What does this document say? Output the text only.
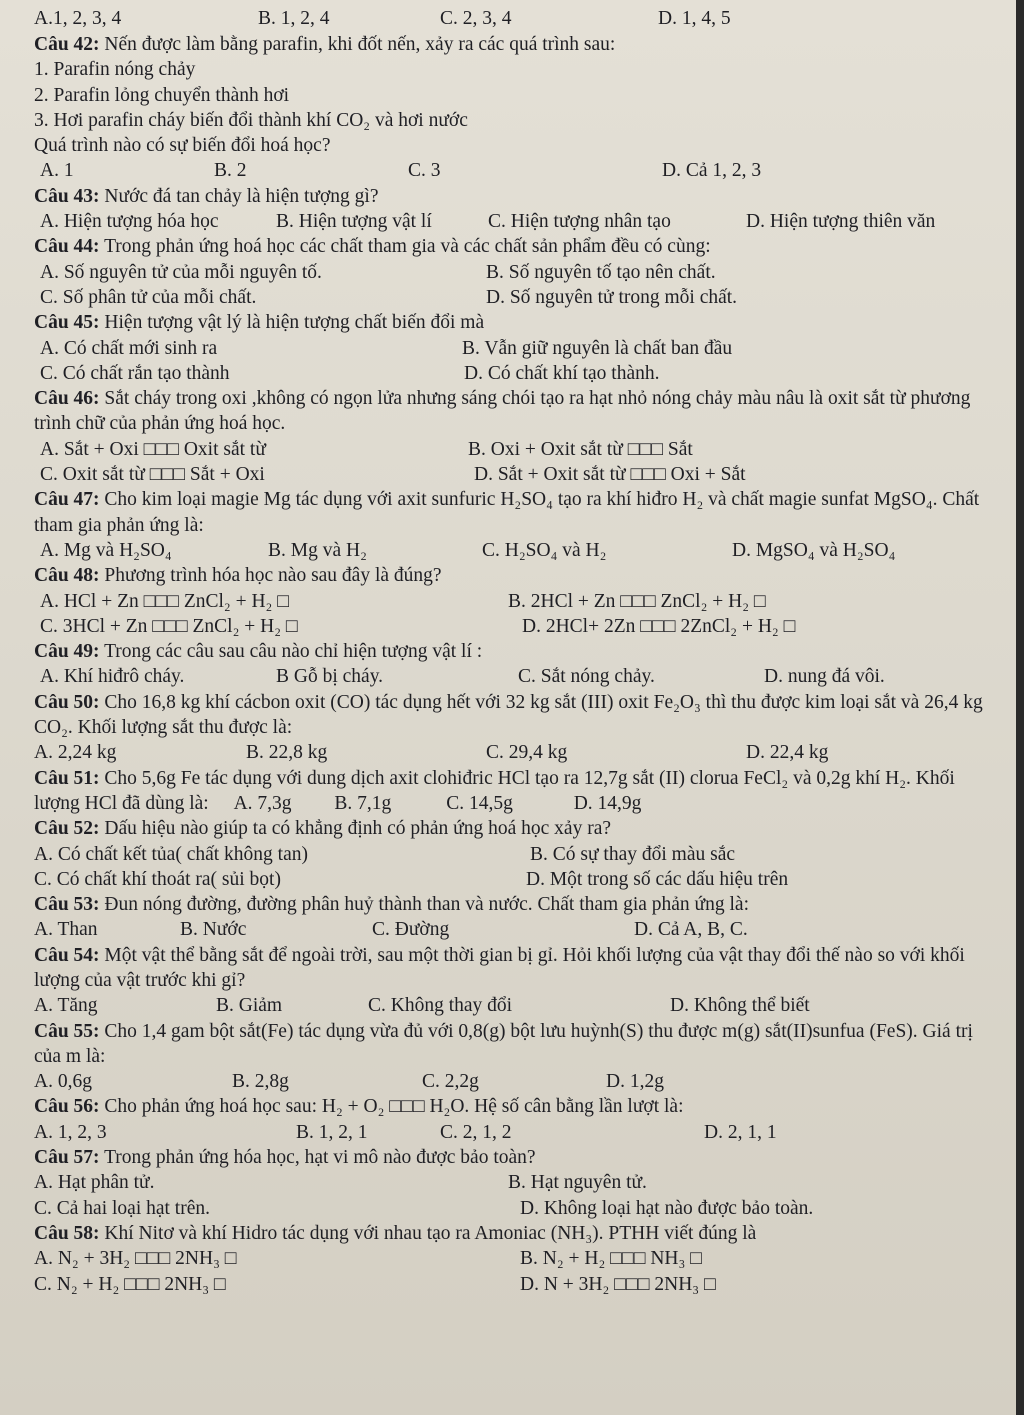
A.1, 2, 3, 4	B. 1, 2, 4	C. 2, 3, 4	D. 1, 4, 5
Câu 42: Nến được làm bằng parafin, khi đốt nến, xảy ra các quá trình sau:
1. Parafin nóng chảy
2. Parafin lỏng chuyển thành hơi
3. Hơi parafin cháy biến đổi thành khí CO₂ và hơi nước
Quá trình nào có sự biến đổi hoá học?
A. 1	B. 2	C. 3	D. Cả 1, 2, 3
Câu 43: Nước đá tan chảy là hiện tượng gì?
A. Hiện tượng hóa học	B. Hiện tượng vật lí	C. Hiện tượng nhân tạo	D. Hiện tượng thiên văn
Câu 44: Trong phản ứng hoá học các chất tham gia và các chất sản phẩm đều có cùng:
A. Số nguyên tử của mỗi nguyên tố.	B. Số nguyên tố tạo nên chất.
C. Số phân tử của mỗi chất.	D. Số nguyên tử trong mỗi chất.
Câu 45: Hiện tượng vật lý là hiện tượng chất biến đổi mà
A. Có chất mới sinh ra	B. Vẫn giữ nguyên là chất ban đầu
C. Có chất rắn tạo thành	D. Có chất khí tạo thành.
Câu 46: Sắt cháy trong oxi ,không có ngọn lửa nhưng sáng chói tạo ra hạt nhỏ nóng chảy màu nâu là oxit sắt từ phương trình chữ của phản ứng hoá học.
A. Sắt + Oxi □□□ Oxit sắt từ	B. Oxi + Oxit sắt từ □□□ Sắt
C. Oxit sắt từ □□□ Sắt + Oxi	D. Sắt + Oxit sắt từ □□□ Oxi + Sắt
Câu 47: Cho kim loại magie Mg tác dụng với axit sunfuric H₂SO₄ tạo ra khí hiđro H₂ và chất magie sunfat MgSO₄. Chất tham gia phản ứng là:
A. Mg và H₂SO₄	B. Mg và H₂	C. H₂SO₄ và H₂	D. MgSO₄ và H₂SO₄
Câu 48: Phương trình hóa học nào sau đây là đúng?
A. HCl + Zn □□□ ZnCl₂ + H₂ □	B. 2HCl + Zn □□□ ZnCl₂ + H₂ □
C. 3HCl + Zn □□□ ZnCl₂ + H₂ □	D. 2HCl+ 2Zn □□□ 2ZnCl₂ + H₂ □
Câu 49: Trong các câu sau câu nào chỉ hiện tượng vật lí :
A. Khí hiđrô cháy.	B Gỗ bị cháy.	C. Sắt nóng chảy.	D. nung đá vôi.
Câu 50: Cho 16,8 kg khí cácbon oxit (CO) tác dụng hết với 32 kg sắt (III) oxit Fe₂O₃ thì thu được kim loại sắt và 26,4 kg CO₂. Khối lượng sắt thu được là:
A. 2,24 kg	B. 22,8 kg	C. 29,4 kg	D. 22,4 kg
Câu 51: Cho 5,6g Fe tác dụng với dung dịch axit clohiđric HCl tạo ra 12,7g sắt (II) clorua FeCl₂ và 0,2g khí H₂. Khối lượng HCl đã dùng là: A. 7,3g B. 7,1g	C. 14,5g	D. 14,9g
Câu 52: Dấu hiệu nào giúp ta có khẳng định có phản ứng hoá học xảy ra?
A. Có chất kết tủa( chất không tan)	B. Có sự thay đổi màu sắc
C. Có chất khí thoát ra( sủi bọt)	D. Một trong số các dấu hiệu trên
Câu 53: Đun nóng đường, đường phân huỷ thành than và nước. Chất tham gia phản ứng là:
A. Than	B. Nước	C. Đường	D. Cả A, B, C.
Câu 54: Một vật thể bằng sắt để ngoài trời, sau một thời gian bị gỉ. Hỏi khối lượng của vật thay đổi thế nào so với khối lượng của vật trước khi gỉ?
A. Tăng	B. Giảm	C. Không thay đổi	D. Không thể biết
Câu 55: Cho 1,4 gam bột sắt(Fe) tác dụng vừa đủ với 0,8(g) bột lưu huỳnh(S) thu được m(g) sắt(II)sunfua (FeS). Giá trị của m là:
A. 0,6g	B. 2,8g	C. 2,2g	D. 1,2g
Câu 56: Cho phản ứng hoá học sau: H₂ + O₂ □□□ H₂O. Hệ số cân bằng lần lượt là:
A. 1, 2, 3	B. 1, 2, 1	C. 2, 1, 2	D. 2, 1, 1
Câu 57: Trong phản ứng hóa học, hạt vi mô nào được bảo toàn?
A. Hạt phân tử.	B. Hạt nguyên tử.
C. Cả hai loại hạt trên.	D. Không loại hạt nào được bảo toàn.
Câu 58: Khí Nitơ và khí Hidro tác dụng với nhau tạo ra Amoniac (NH₃). PTHH viết đúng là
A. N₂ + 3H₂ □□□ 2NH₃ □	B. N₂ + H₂ □□□ NH₃ □
C. N₂ + H₂ □□□ 2NH₃ □	D. N + 3H₂ □□□ 2NH₃ □
